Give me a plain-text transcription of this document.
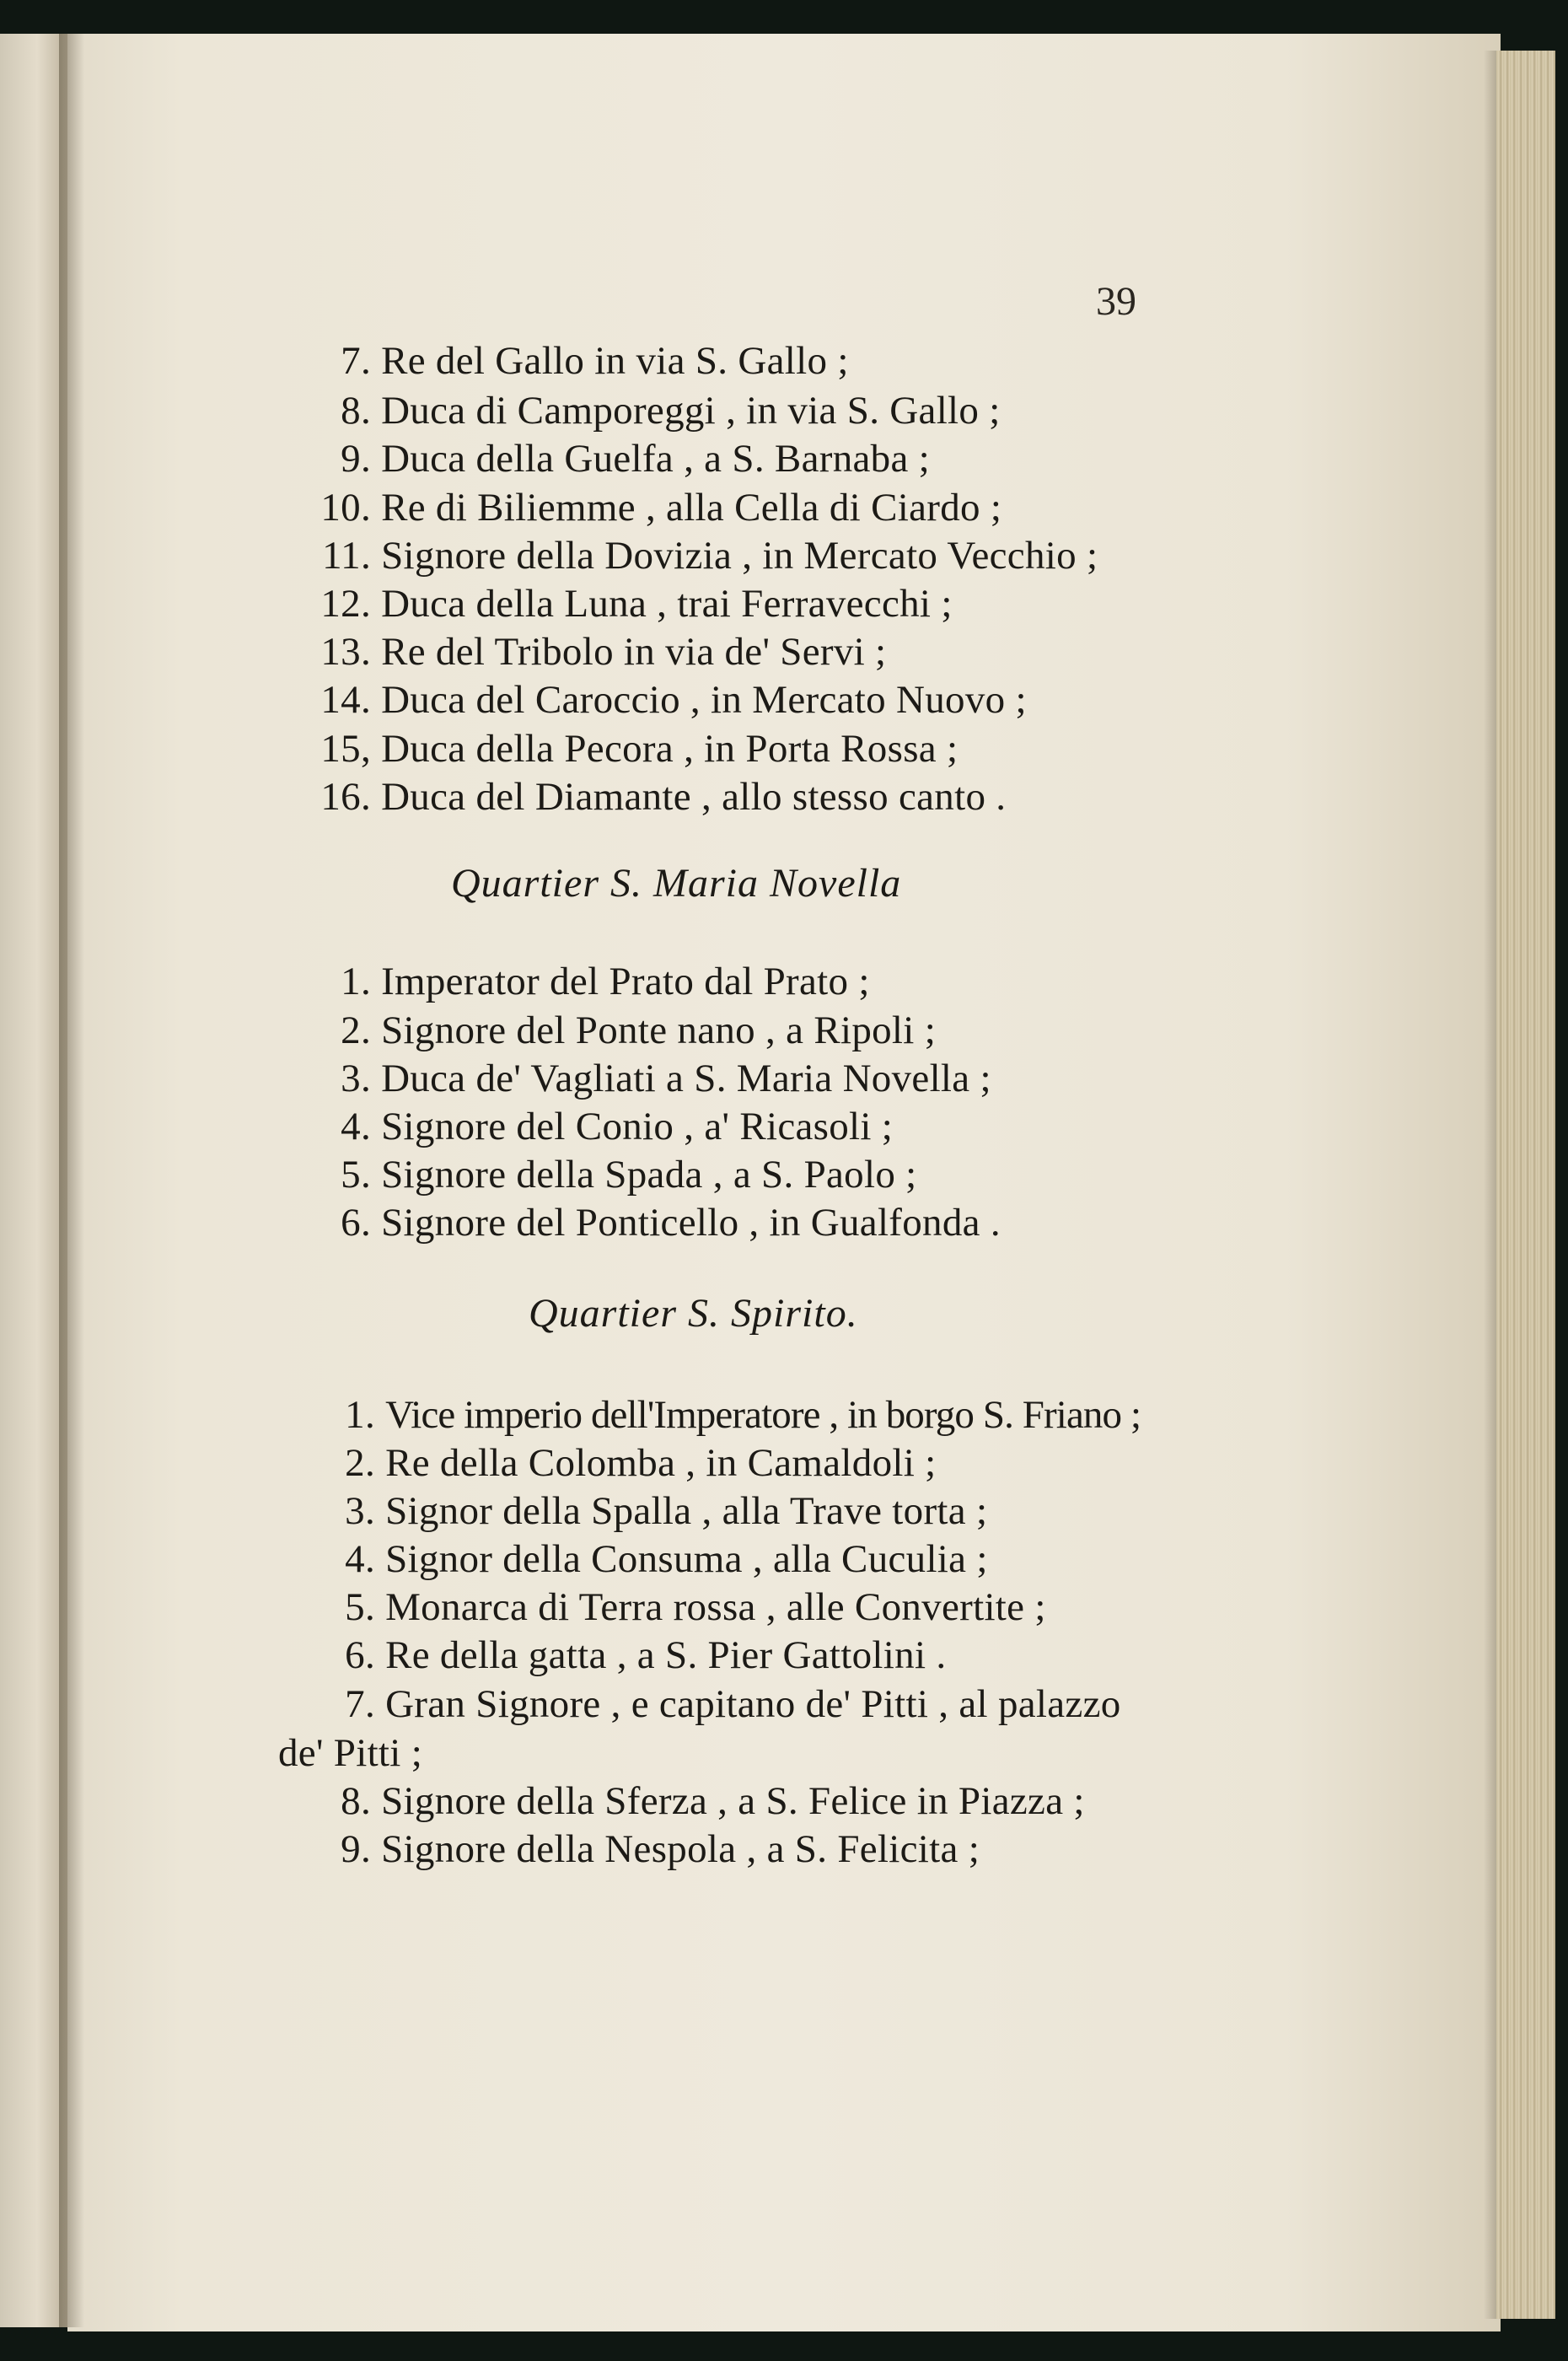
39
7. Re del Gallo in via S. Gallo ;
8. Duca di Camporeggi , in via S. Gallo ;
9. Duca della Guelfa , a S. Barnaba ;
10. Re di Biliemme , alla Cella di Ciardo ;
11. Signore della Dovizia , in Mercato Vecchio ;
12. Duca della Luna , trai Ferravecchi ;
13. Re del Tribolo in via de' Servi ;
14. Duca del Caroccio , in Mercato Nuovo ;
15, Duca della Pecora , in Porta Rossa ;
16. Duca del Diamante , allo stesso canto .
Quartier S. Maria Novella
1. Imperator del Prato dal Prato ;
2. Signore del Ponte nano , a Ripoli ;
3. Duca de' Vagliati a S. Maria Novella ;
4. Signore del Conio , a' Ricasoli ;
5. Signore della Spada , a S. Paolo ;
6. Signore del Ponticello , in Gualfonda .
Quartier S. Spirito.
1. Vice imperio dell'Imperatore , in borgo S. Friano ;
2. Re della Colomba , in Camaldoli ;
3. Signor della Spalla , alla Trave torta ;
4. Signor della Consuma , alla Cuculia ;
5. Monarca di Terra rossa , alle Convertite ;
6. Re della gatta , a S. Pier Gattolini .
7. Gran Signore , e capitano de' Pitti , al palazzo
de' Pitti ;
8. Signore della Sferza , a S. Felice in Piazza ;
9. Signore della Nespola , a S. Felicita ;
